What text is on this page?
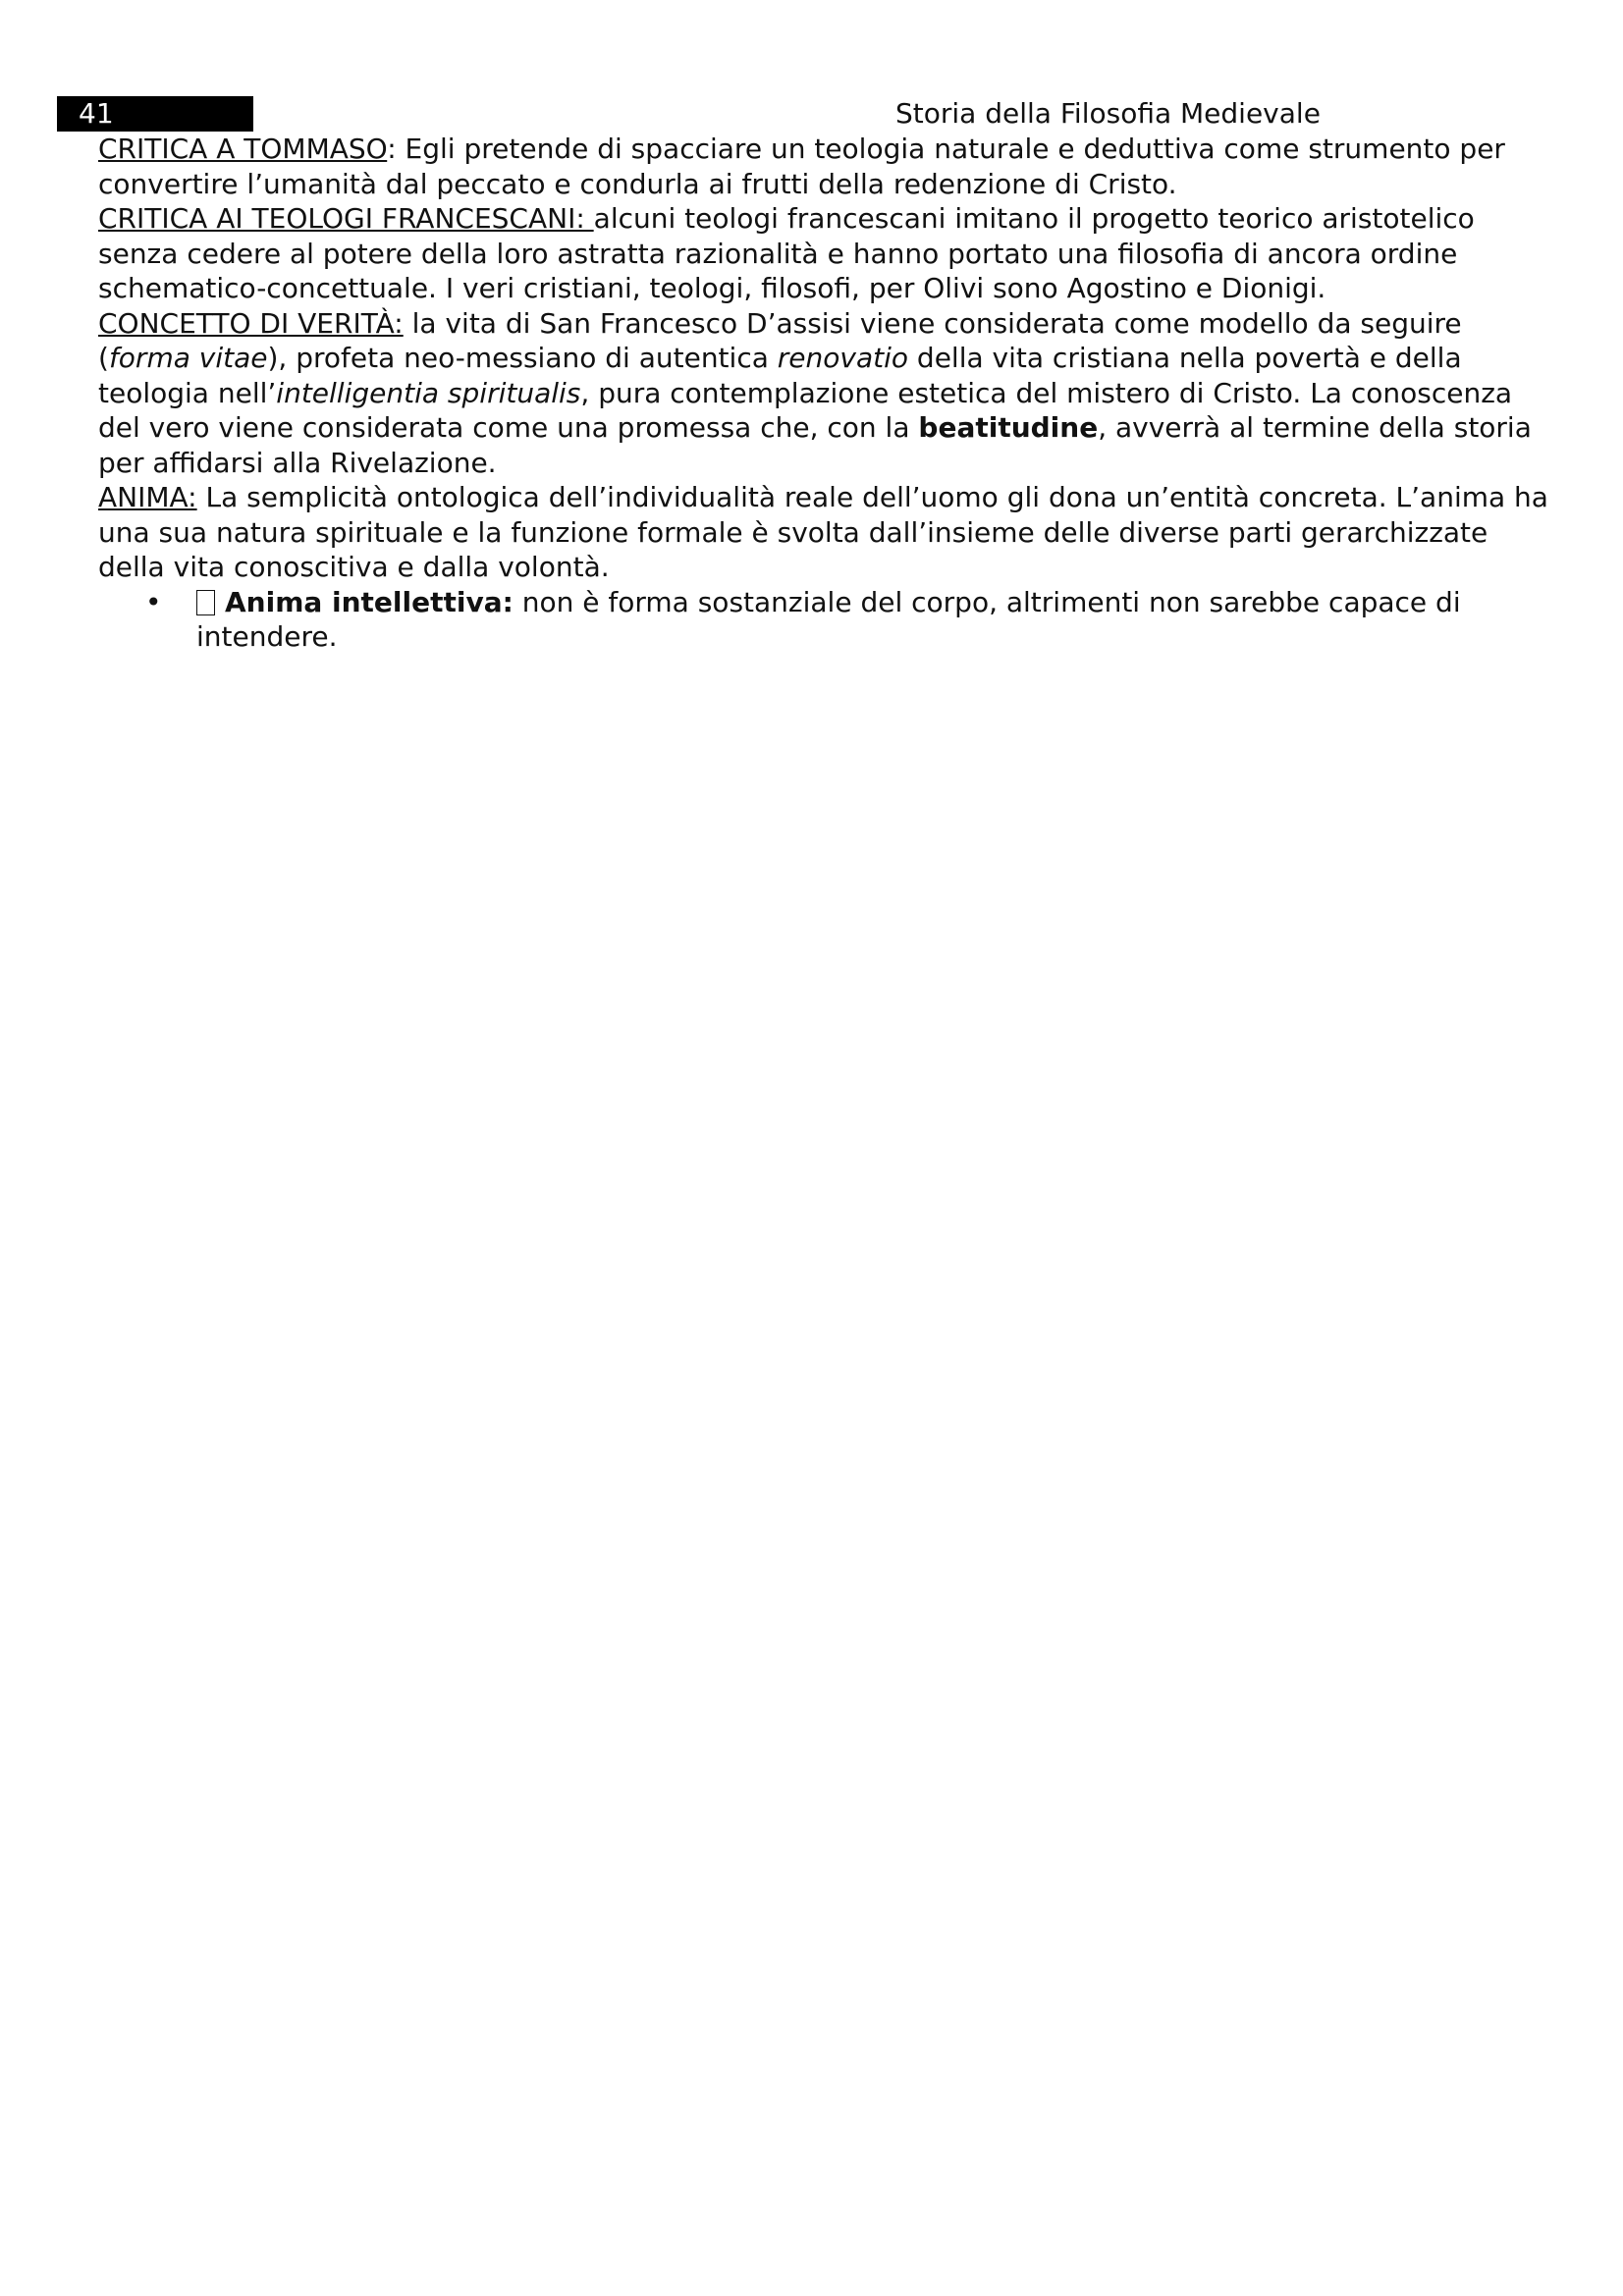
41	Storia della Filosofia Medievale

CRITICA A TOMMASO: Egli pretende di spacciare un teologia naturale e deduttiva come strumento per convertire l’umanità dal peccato e condurla ai frutti della redenzione di Cristo.

CRITICA AI TEOLOGI FRANCESCANI: alcuni teologi francescani imitano il progetto teorico aristotelico senza cedere al potere della loro astratta razionalità e hanno portato una filosofia di ancora ordine schematico-concettuale. I veri cristiani, teologi, filosofi, per Olivi sono Agostino e Dionigi.

CONCETTO DI VERITÀ: la vita di San Francesco D’assisi viene considerata come modello da seguire (forma vitae), profeta neo-messiano di autentica renovatio della vita cristiana nella povertà e della teologia nell’intelligentia spiritualis, pura contemplazione estetica del mistero di Cristo. La conoscenza del vero viene considerata come una promessa che, con la beatitudine, avverrà al termine della storia per affidarsi alla Rivelazione.

ANIMA: La semplicità ontologica dell’individualità reale dell’uomo gli dona un’entità concreta. L’anima ha una sua natura spirituale e la funzione formale è svolta dall’insieme delle diverse parti gerarchizzate della vita conoscitiva e dalla volontà.

• Anima intellettiva: non è forma sostanziale del corpo, altrimenti non sarebbe capace di intendere.
